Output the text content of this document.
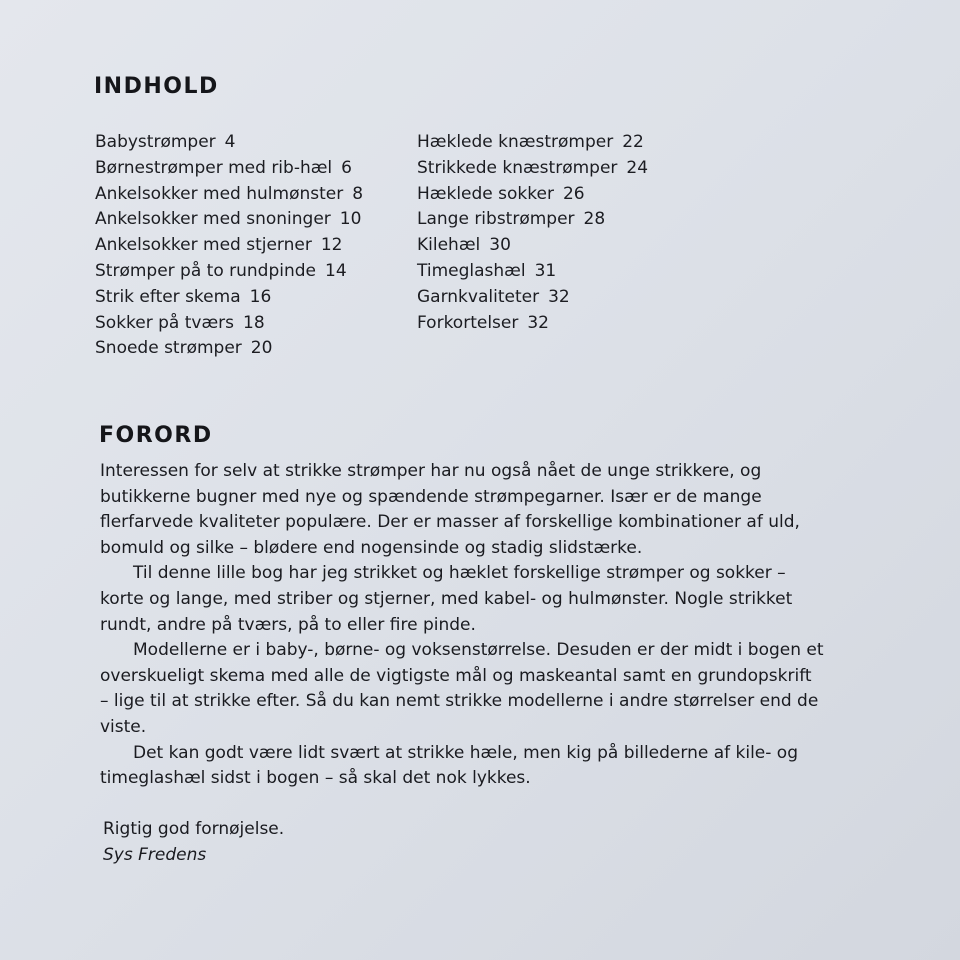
INDHOLD
Babystrømper 4
Børnestrømper med rib-hæl 6
Ankelsokker med hulmønster 8
Ankelsokker med snoninger 10
Ankelsokker med stjerner 12
Strømper på to rundpinde 14
Strik efter skema 16
Sokker på tværs 18
Snoede strømper 20
Hæklede knæstrømper 22
Strikkede knæstrømper 24
Hæklede sokker 26
Lange ribstrømper 28
Kilehæl 30
Timeglashæl 31
Garnkvaliteter 32
Forkortelser 32
FORORD

Interessen for selv at strikke strømper har nu også nået de unge strikkere, og
butikkerne bugner med nye og spændende strømpegarner. Især er de mange
flerfarvede kvaliteter populære. Der er masser af forskellige kombinationer af uld,
bomuld og silke – blødere end nogensinde og stadig slidstærke.

Til denne lille bog har jeg strikket og hæklet forskellige strømper og sokker –
korte og lange, med striber og stjerner, med kabel- og hulmønster. Nogle strikket
rundt, andre på tværs, på to eller fire pinde.

Modellerne er i baby-, børne- og voksenstørrelse. Desuden er der midt i bogen et
overskueligt skema med alle de vigtigste mål og maskeantal samt en grundopskrift
– lige til at strikke efter. Så du kan nemt strikke modellerne i andre størrelser end de
viste.

Det kan godt være lidt svært at strikke hæle, men kig på billederne af kile- og
timeglashæl sidst i bogen – så skal det nok lykkes.

Rigtig god fornøjelse.
Sys Fredens
